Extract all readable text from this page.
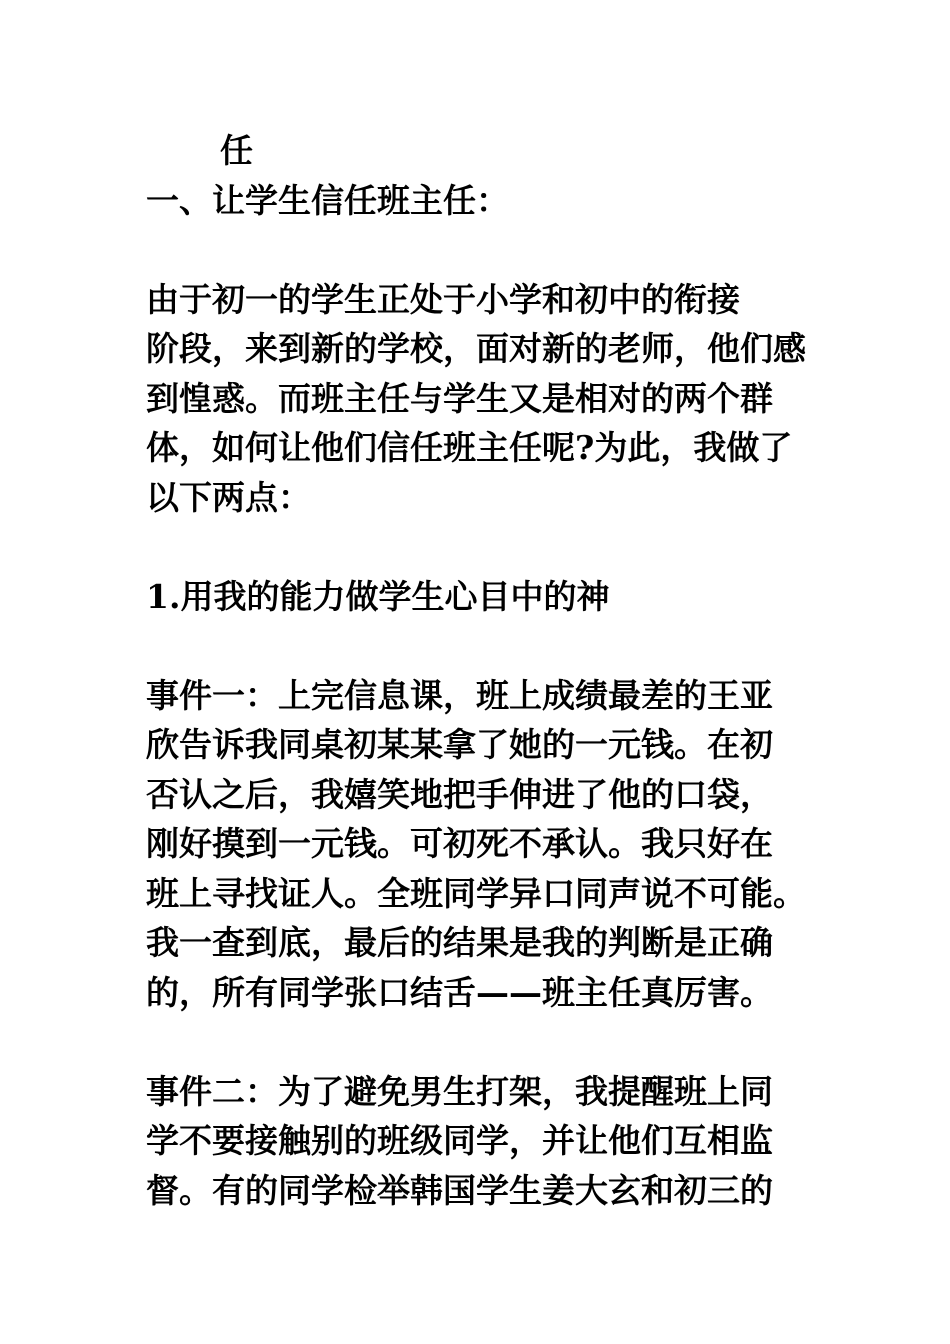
任
一、让学生信任班主任：
由于初一的学生正处于小学和初中的衔接
阶段，来到新的学校，面对新的老师，他们感
到惶惑。而班主任与学生又是相对的两个群
体，如何让他们信任班主任呢?为此，我做了
以下两点：
1.用我的能力做学生心目中的神
事件一：上完信息课，班上成绩最差的王亚
欣告诉我同桌初某某拿了她的一元钱。在初
否认之后，我嬉笑地把手伸进了他的口袋，
刚好摸到一元钱。可初死不承认。我只好在
班上寻找证人。全班同学异口同声说不可能。
我一查到底，最后的结果是我的判断是正确
的，所有同学张口结舌——班主任真厉害。
事件二：为了避免男生打架，我提醒班上同
学不要接触别的班级同学，并让他们互相监
督。有的同学检举韩国学生姜大玄和初三的
